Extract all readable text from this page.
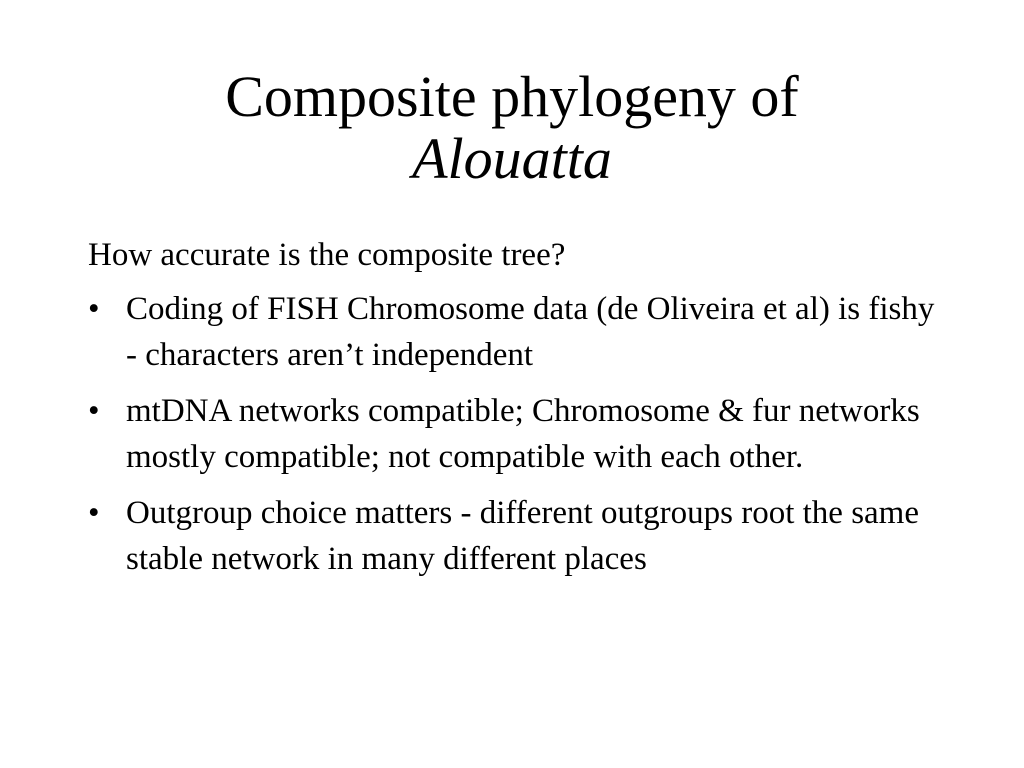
Composite phylogeny of
Alouatta

How accurate is the composite tree?

• Coding of FISH Chromosome data (de Oliveira et al) is fishy - characters aren’t independent
• mtDNA networks compatible; Chromosome & fur networks mostly compatible; not compatible with each other.
• Outgroup choice matters - different outgroups root the same stable network in many different places
